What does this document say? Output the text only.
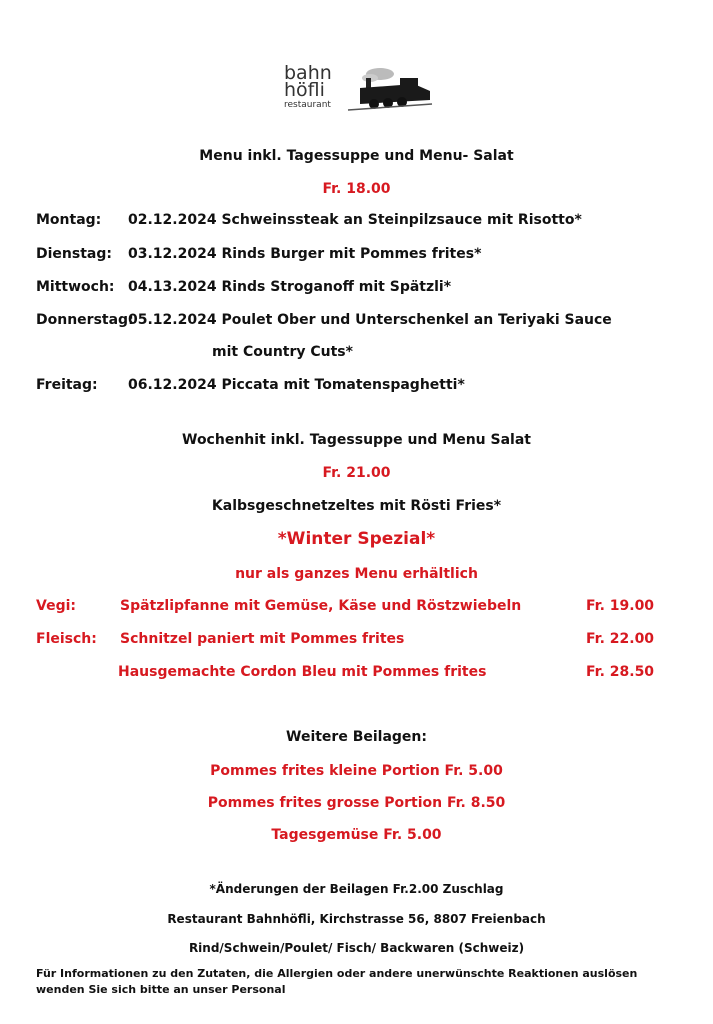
bahn
höfli
restaurant
Menu inkl. Tagessuppe und Menu- Salat
Fr. 18.00
Montag: 02.12.2024 Schweinssteak an Steinpilzsauce mit Risotto*
Dienstag: 03.12.2024 Rinds Burger mit Pommes frites*
Mittwoch: 04.13.2024 Rinds Stroganoff mit Spätzli*
Donnerstag:
05.12.2024 Poulet Ober und Unterschenkel an Teriyaki Sauce
mit Country Cuts*
Freitag: 06.12.2024 Piccata mit Tomatenspaghetti*
Wochenhit inkl. Tagessuppe und Menu Salat
Fr. 21.00
Kalbsgeschnetzeltes mit Rösti Fries*
*Winter Spezial*
nur als ganzes Menu erhältlich
Vegi:	Spätzlipfanne mit Gemüse, Käse und Röstzwiebeln	Fr. 19.00
Fleisch: Schnitzel paniert mit Pommes frites	Fr. 22.00
Hausgemachte Cordon Bleu mit Pommes frites	Fr. 28.50
Weitere Beilagen:
Pommes frites kleine Portion Fr. 5.00
Pommes frites grosse Portion Fr. 8.50
Tagesgemüse Fr. 5.00
*Änderungen der Beilagen Fr.2.00 Zuschlag
Restaurant Bahnhöfli, Kirchstrasse 56, 8807 Freienbach
Rind/Schwein/Poulet/ Fisch/ Backwaren (Schweiz)
Für Informationen zu den Zutaten, die Allergien oder andere unerwünschte Reaktionen auslösen wenden Sie sich bitte an unser Personal
